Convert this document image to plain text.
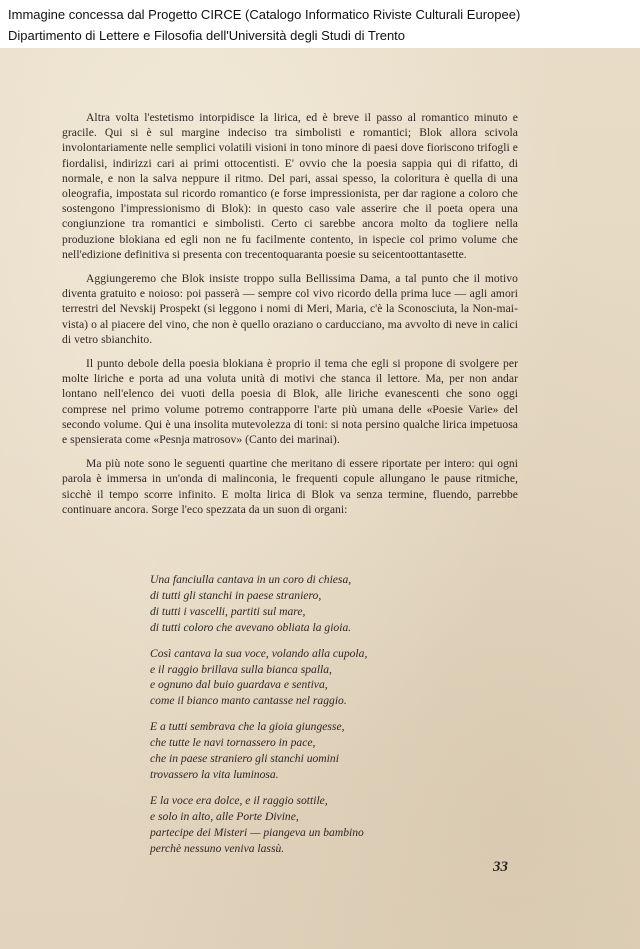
Immagine concessa dal Progetto CIRCE (Catalogo Informatico Riviste Culturali Europee)
Dipartimento di Lettere e Filosofia dell'Università degli Studi di Trento

Altra volta l'estetismo intorpidisce la lirica, ed è breve il passo al romantico minuto e gracile. Qui si è sul margine indeciso tra simbolisti e romantici; Blok allora scivola involontariamente nelle semplici volatili visioni in tono minore di paesi dove fioriscono trifogli e fiordalisi, indirizzi cari ai primi ottocentisti. E' ovvio che la poesia sappia qui di rifatto, di normale, e non la salva neppure il ritmo. Del pari, assai spesso, la coloritura è quella di una oleografia, impostata sul ricordo romantico (e forse impressionista, per dar ragione a coloro che sostengono l'impressionismo di Blok): in questo caso vale asserire che il poeta opera una congiunzione tra romantici e simbolisti. Certo ci sarebbe ancora molto da togliere nella produzione blokiana ed egli non ne fu facilmente contento, in ispecie col primo volume che nell'edizione definitiva si presenta con trecentoquaranta poesie su seicentoottantasette.

Aggiungeremo che Blok insiste troppo sulla Bellissima Dama, a tal punto che il motivo diventa gratuito e noioso: poi passerà — sempre col vivo ricordo della prima luce — agli amori terrestri del Nevskij Prospekt (si leggono i nomi di Meri, Maria, c'è la Sconosciuta, la Non-mai-vista) o al piacere del vino, che non è quello oraziano o carducciano, ma avvolto di neve in calici di vetro sbianchito.

Il punto debole della poesia blokiana è proprio il tema che egli si propone di svolgere per molte liriche e porta ad una voluta unità di motivi che stanca il lettore. Ma, per non andar lontano nell'elenco dei vuoti della poesia di Blok, alle liriche evanescenti che sono oggi comprese nel primo volume potremo contrapporre l'arte più umana delle «Poesie Varie» del secondo volume. Qui è una insolita mutevolezza di toni: si nota persino qualche lirica impetuosa e spensierata come «Pesnja matrosov» (Canto dei marinai).

Ma più note sono le seguenti quartine che meritano di essere riportate per intero: qui ogni parola è immersa in un'onda di malinconia, le frequenti copule allungano le pause ritmiche, sicchè il tempo scorre infinito. E molta lirica di Blok va senza termine, fluendo, parrebbe continuare ancora. Sorge l'eco spezzata da un suon di organi:

Una fanciulla cantava in un coro di chiesa,
di tutti gli stanchi in paese straniero,
di tutti i vascelli, partiti sul mare,
di tutti coloro che avevano obliata la gioia.
Così cantava la sua voce, volando alla cupola,
e il raggio brillava sulla bianca spalla,
e ognuno dal buio guardava e sentiva,
come il bianco manto cantasse nel raggio.
E a tutti sembrava che la gioia giungesse,
che tutte le navi tornassero in pace,
che in paese straniero gli stanchi uomini
trovassero la vita luminosa.
E la voce era dolce, e il raggio sottile,
e solo in alto, alle Porte Divine,
partecipe dei Misteri — piangeva un bambino
perchè nessuno veniva lassù.
33
